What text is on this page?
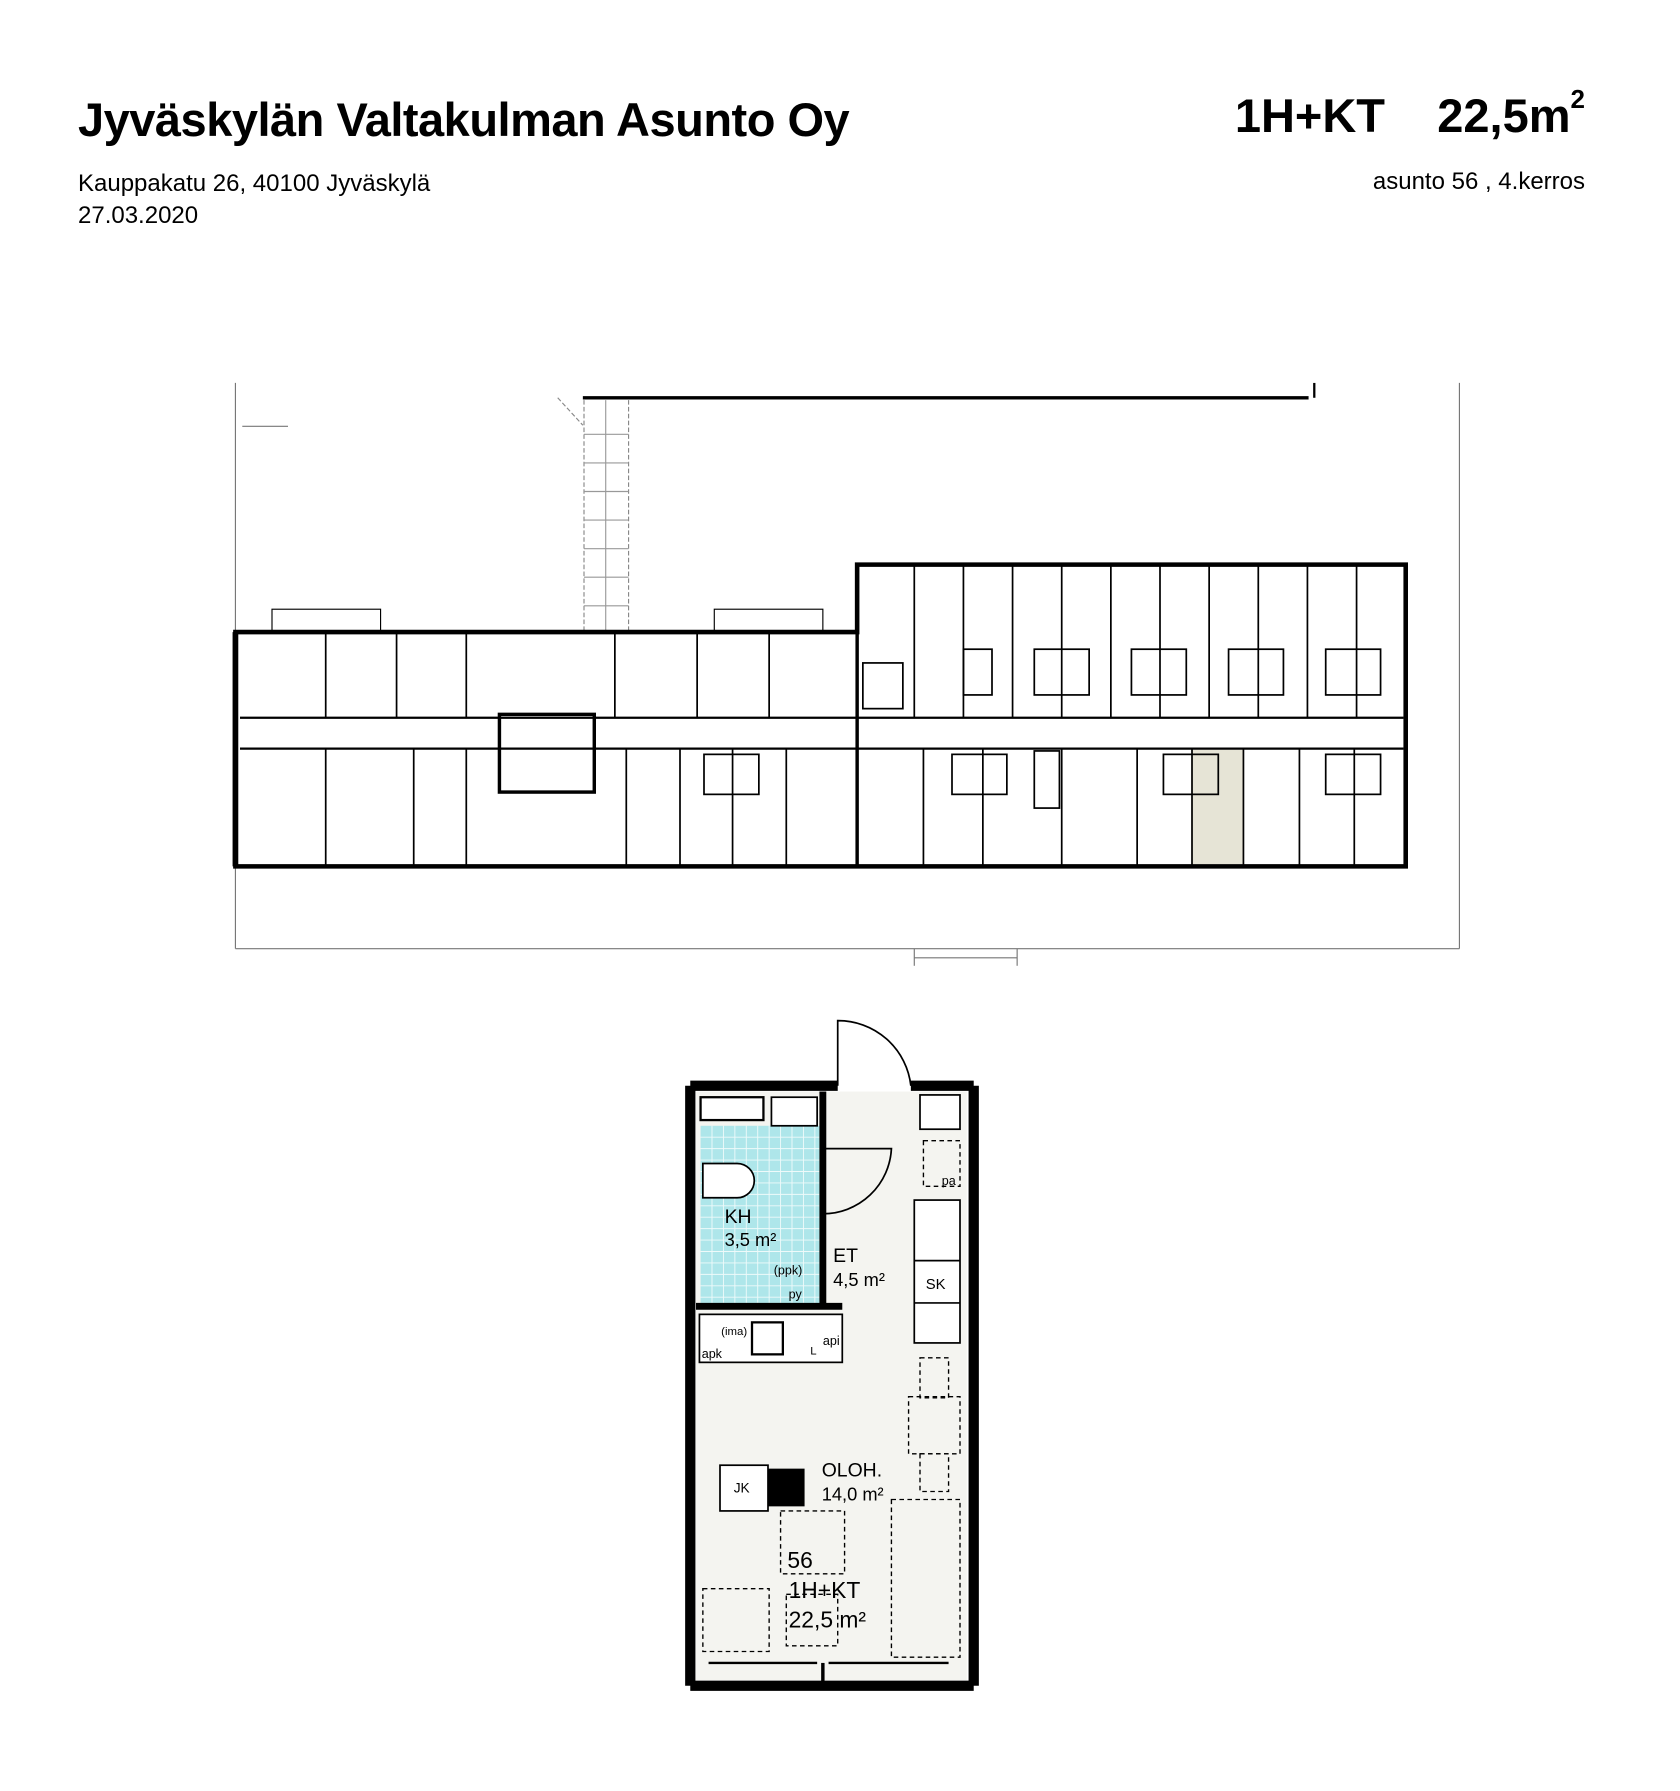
Jyväskylän Valtakulman Asunto Oy	1H+KT $22,5m^2$
Kauppakatu 26, 40100 Jyväskylä
27.03.2020
asunto 56 , 4.kerros
KH
3,5 m²
ET
4,5 m²
OLOH.
14,0 m²
SK
JK
pa
(ppk)
py
(ima)
apk
api
L
56
1H+KT
22,5 m²
